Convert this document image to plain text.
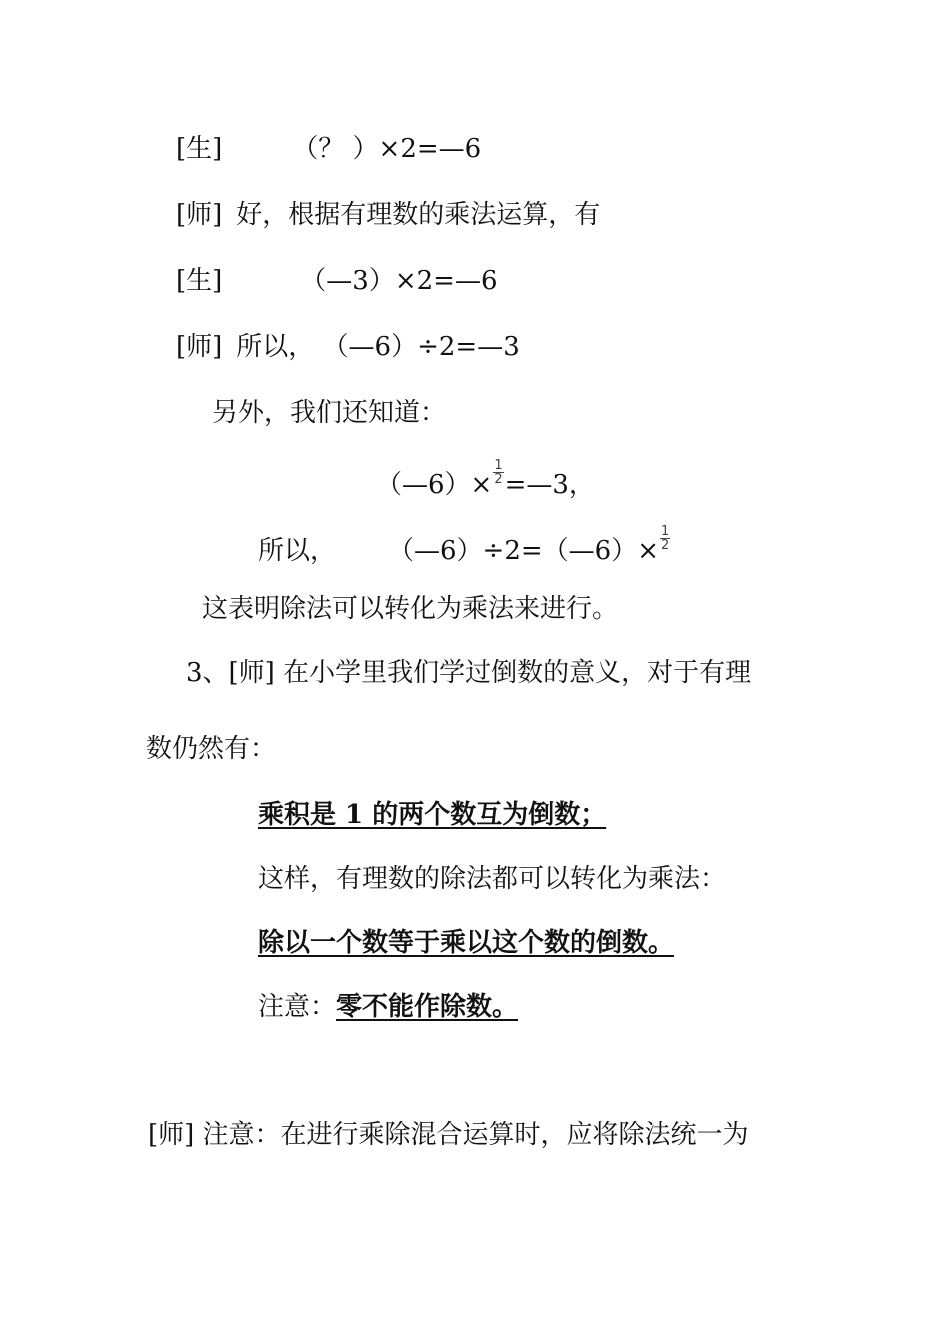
[生]	（？ ）×2=—6
[师] 好，根据有理数的乘法运算，有
[生]	（—3）×2=—6
[师] 所以， （—6）÷2=—3
另外，我们还知道：
（—6）× $\frac{1}{2}$ =—3，
所以， （—6）÷2=（—6）× $\frac{1}{2}$
这表明除法可以转化为乘法来进行。
3、[师] 在小学里我们学过倒数的意义，对于有理
数仍然有：
乘积是 1 的两个数互为倒数；
这样，有理数的除法都可以转化为乘法：
除以一个数等于乘以这个数的倒数。
注意：零不能作除数。
[师] 注意：在进行乘除混合运算时，应将除法统一为
